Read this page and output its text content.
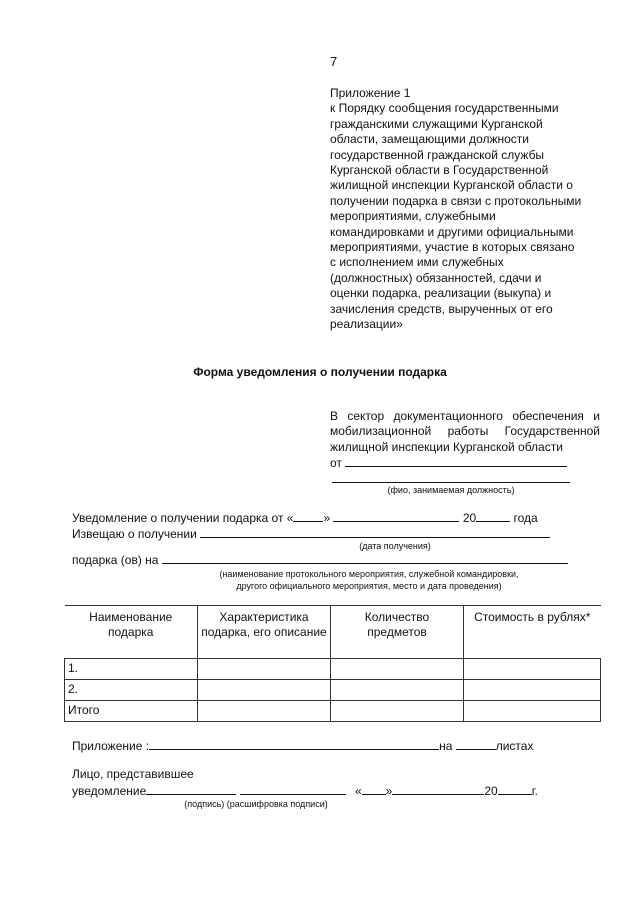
7
Приложение 1
к Порядку сообщения государственными
гражданскими служащими Курганской
области, замещающими должности
государственной гражданской службы
Курганской области в Государственной
жилищной инспекции Курганской области о
получении подарка в связи с протокольными
мероприятиями, служебными
командировками и другими официальными
мероприятиями, участие в которых связано
с исполнением ими служебных
(должностных) обязанностей, сдачи и
оценки подарка, реализации (выкупа) и
зачисления средств, вырученных от его
реализации»
Форма уведомления о получении подарка
В сектор документационного обеспечения и
мобилизационной работы Государственной
жилищной инспекции Курганской области
от
(фио, занимаемая должность)
Уведомление о получении подарка от «	»	20	года
Извещаю о получении
(дата получения)
подарка (ов) на
(наименование протокольного мероприятия, служебной командировки,
другого официального мероприятия, место и дата проведения)
Наименование подарка	Характеристика подарка, его описание	Количество предметов	Стоимость в рублях*
1.			
2.			
Итого			
Приложение :	на	листах
Лицо, представившее
уведомление	« »	20	г.
(подпись) (расшифровка подписи)
